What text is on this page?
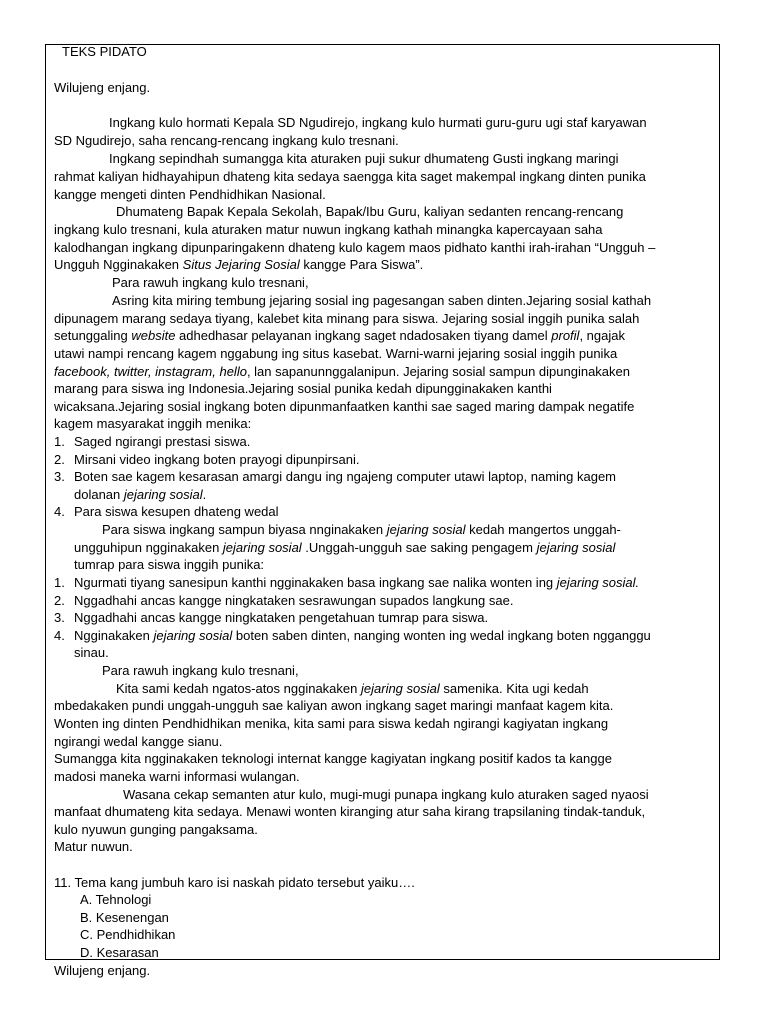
TEKS PIDATO
Wilujeng enjang.
Ingkang kulo hormati Kepala SD Ngudirejo, ingkang kulo hurmati guru-guru ugi staf karyawan
SD Ngudirejo, saha rencang-rencang ingkang kulo tresnani.
Ingkang sepindhah sumangga kita aturaken puji sukur dhumateng Gusti ingkang maringi
rahmat kaliyan hidhayahipun dhateng kita sedaya saengga kita saget makempal ingkang dinten punika
kangge mengeti dinten Pendhidhikan Nasional.
Dhumateng Bapak Kepala Sekolah, Bapak/Ibu Guru, kaliyan sedanten rencang-rencang
ingkang kulo tresnani, kula aturaken matur nuwun ingkang kathah minangka kapercayaan saha
kalodhangan ingkang dipunparingakenn dhateng kulo kagem maos pidhato kanthi irah-irahan “Ungguh –
Ungguh Ngginakaken Situs Jejaring Sosial kangge Para Siswa”.
Para rawuh ingkang kulo tresnani,
Asring kita miring tembung jejaring sosial ing pagesangan saben dinten.Jejaring sosial kathah
dipunagem marang sedaya tiyang, kalebet kita minang para siswa. Jejaring sosial inggih punika salah
setunggaling website adhedhasar pelayanan ingkang saget ndadosaken tiyang damel profil, ngajak
utawi nampi rencang kagem nggabung ing situs kasebat. Warni-warni jejaring sosial inggih punika
facebook, twitter, instagram, hello, lan sapanunnggalanipun. Jejaring sosial sampun dipunginakaken
marang para siswa ing Indonesia.Jejaring sosial punika kedah dipungginakaken kanthi
wicaksana.Jejaring sosial ingkang boten dipunmanfaatken kanthi sae saged maring dampak negatife
kagem masyarakat inggih menika:
1. Saged ngirangi prestasi siswa.
2. Mirsani video ingkang boten prayogi dipunpirsani.
3. Boten sae kagem kesarasan amargi dangu ing ngajeng computer utawi laptop, naming kagem
dolanan jejaring sosial.
4. Para siswa kesupen dhateng wedal
Para siswa ingkang sampun biyasa nnginakaken jejaring sosial kedah mangertos unggah-
ungguhipun ngginakaken jejaring sosial .Unggah-ungguh sae saking pengagem jejaring sosial
tumrap para siswa inggih punika:
1. Ngurmati tiyang sanesipun kanthi ngginakaken basa ingkang sae nalika wonten ing jejaring sosial.
2. Nggadhahi ancas kangge ningkataken sesrawungan supados langkung sae.
3. Nggadhahi ancas kangge ningkataken pengetahuan tumrap para siswa.
4. Ngginakaken jejaring sosial boten saben dinten, nanging wonten ing wedal ingkang boten ngganggu
sinau.
Para rawuh ingkang kulo tresnani,
Kita sami kedah ngatos-atos ngginakaken jejaring sosial samenika. Kita ugi kedah
mbedakaken pundi unggah-ungguh sae kaliyan awon ingkang saget maringi manfaat kagem kita.
Wonten ing dinten Pendhidhikan menika, kita sami para siswa kedah ngirangi kagiyatan ingkang
ngirangi wedal kangge sianu.
Sumangga kita ngginakaken teknologi internat kangge kagiyatan ingkang positif kados ta kangge
madosi maneka warni informasi wulangan.
Wasana cekap semanten atur kulo, mugi-mugi punapa ingkang kulo aturaken saged nyaosi
manfaat dhumateng kita sedaya. Menawi wonten kiranging atur saha kirang trapsilaning tindak-tanduk,
kulo nyuwun gunging pangaksama.
Matur nuwun.
11. Tema kang jumbuh karo isi naskah pidato tersebut yaiku….
A. Tehnologi
B. Kesenengan
C. Pendhidhikan
D. Kesarasan
Wilujeng enjang.
